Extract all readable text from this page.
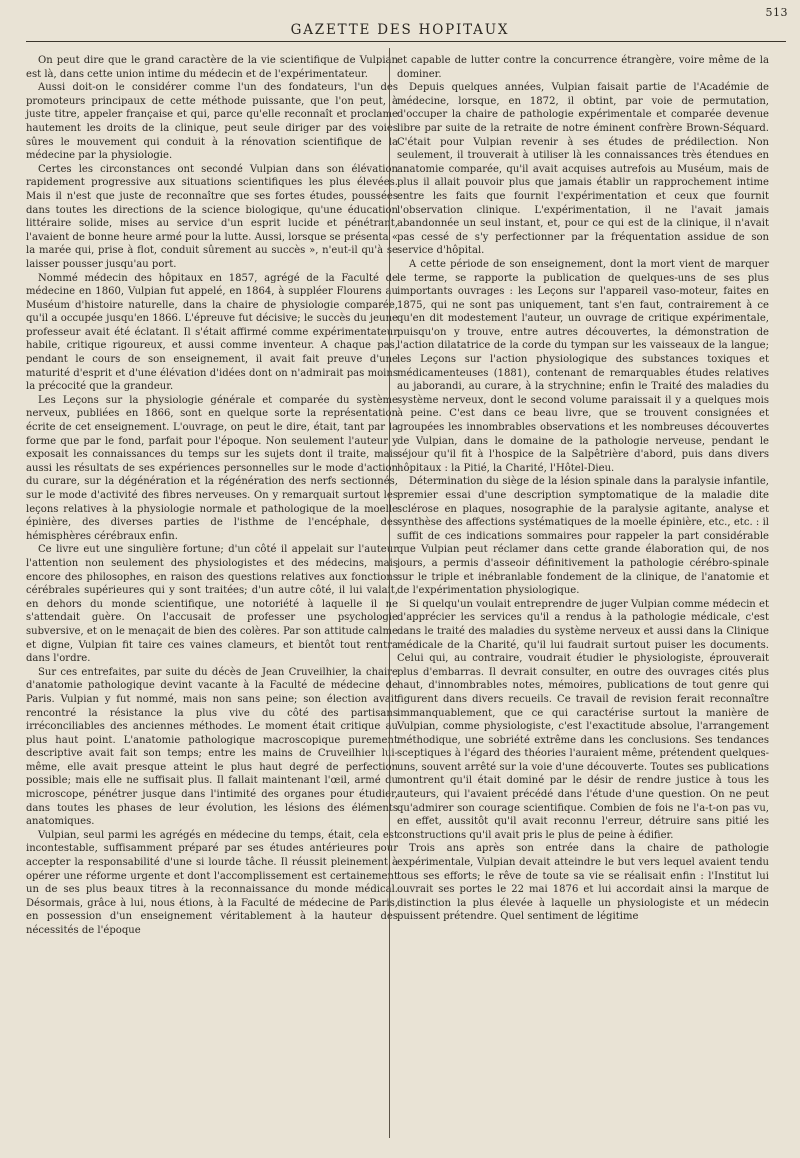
513
GAZETTE DES HOPITAUX

On peut dire que le grand caractère de la vie scientifique de Vulpian est là, dans cette union intime du médecin et de l'expérimentateur.

Aussi doit-on le considérer comme l'un des fondateurs, l'un des promoteurs principaux de cette méthode puissante, que l'on peut, à juste titre, appeler française et qui, parce qu'elle reconnaît et proclame hautement les droits de la clinique, peut seule diriger par des voies sûres le mouvement qui conduit à la rénovation scientifique de la médecine par la physiologie.

Certes les circonstances ont secondé Vulpian dans son élévation rapidement progressive aux situations scientifiques les plus élevées. Mais il n'est que juste de reconnaître que ses fortes études, poussées dans toutes les directions de la science biologique, qu'une éducation littéraire solide, mises au service d'un esprit lucide et pénétrant, l'avaient de bonne heure armé pour la lutte. Aussi, lorsque se présenta « la marée qui, prise à flot, conduit sûrement au succès », n'eut-il qu'à se laisser pousser jusqu'au port.

Nommé médecin des hôpitaux en 1857, agrégé de la Faculté de médecine en 1860, Vulpian fut appelé, en 1864, à suppléer Flourens au Muséum d'histoire naturelle, dans la chaire de physiologie comparée, qu'il a occupée jusqu'en 1866. L'épreuve fut décisive; le succès du jeune professeur avait été éclatant. Il s'était affirmé comme expérimentateur habile, critique rigoureux, et aussi comme inventeur. A chaque pas, pendant le cours de son enseignement, il avait fait preuve d'une maturité d'esprit et d'une élévation d'idées dont on n'admirait pas moins la précocité que la grandeur.

Les Leçons sur la physiologie générale et comparée du système nerveux, publiées en 1866, sont en quelque sorte la représentation écrite de cet enseignement. L'ouvrage, on peut le dire, était, tant par la forme que par le fond, parfait pour l'époque. Non seulement l'auteur y exposait les connaissances du temps sur les sujets dont il traite, mais aussi les résultats de ses expériences personnelles sur le mode d'action du curare, sur la dégénération et la régénération des nerfs sectionnés, sur le mode d'activité des fibres nerveuses. On y remarquait surtout les leçons relatives à la physiologie normale et pathologique de la moelle épinière, des diverses parties de l'isthme de l'encéphale, des hémisphères cérébraux enfin.

Ce livre eut une singulière fortune; d'un côté il appelait sur l'auteur l'attention non seulement des physiologistes et des médecins, mais encore des philosophes, en raison des questions relatives aux fonctions cérébrales supérieures qui y sont traitées; d'un autre côté, il lui valait, en dehors du monde scientifique, une notoriété à laquelle il ne s'attendait guère. On l'accusait de professer une psychologie subversive, et on le menaçait de bien des colères. Par son attitude calme et digne, Vulpian fit taire ces vaines clameurs, et bientôt tout rentra dans l'ordre.

Sur ces entrefaites, par suite du décès de Jean Cruveilhier, la chaire d'anatomie pathologique devint vacante à la Faculté de médecine de Paris. Vulpian y fut nommé, mais non sans peine; son élection avait rencontré la résistance la plus vive du côté des partisans irréconciliables des anciennes méthodes. Le moment était critique au plus haut point. L'anatomie pathologique macroscopique purement descriptive avait fait son temps; entre les mains de Cruveilhier lui-même, elle avait presque atteint le plus haut degré de perfection possible; mais elle ne suffisait plus. Il fallait maintenant l'œil, armé du microscope, pénétrer jusque dans l'intimité des organes pour étudier, dans toutes les phases de leur évolution, les lésions des éléments anatomiques.

Vulpian, seul parmi les agrégés en médecine du temps, était, cela est incontestable, suffisamment préparé par ses études antérieures pour accepter la responsabilité d'une si lourde tâche. Il réussit pleinement à opérer une réforme urgente et dont l'accomplissement est certainement un de ses plus beaux titres à la reconnaissance du monde médical. Désormais, grâce à lui, nous étions, à la Faculté de médecine de Paris, en possession d'un enseignement véritablement à la hauteur des nécessités de l'époque

et capable de lutter contre la concurrence étrangère, voire même de la dominer.

Depuis quelques années, Vulpian faisait partie de l'Académie de médecine, lorsque, en 1872, il obtint, par voie de permutation, d'occuper la chaire de pathologie expérimentale et comparée devenue libre par suite de la retraite de notre éminent confrère Brown-Séquard. C'était pour Vulpian revenir à ses études de prédilection. Non seulement, il trouverait à utiliser là les connaissances très étendues en anatomie comparée, qu'il avait acquises autrefois au Muséum, mais de plus il allait pouvoir plus que jamais établir un rapprochement intime entre les faits que fournit l'expérimentation et ceux que fournit l'observation clinique. L'expérimentation, il ne l'avait jamais abandonnée un seul instant, et, pour ce qui est de la clinique, il n'avait pas cessé de s'y perfectionner par la fréquentation assidue de son service d'hôpital.

A cette période de son enseignement, dont la mort vient de marquer le terme, se rapporte la publication de quelques-uns de ses plus importants ouvrages : les Leçons sur l'appareil vaso-moteur, faites en 1875, qui ne sont pas uniquement, tant s'en faut, contrairement à ce qu'en dit modestement l'auteur, un ouvrage de critique expérimentale, puisqu'on y trouve, entre autres découvertes, la démonstration de l'action dilatatrice de la corde du tympan sur les vaisseaux de la langue; les Leçons sur l'action physiologique des substances toxiques et médicamenteuses (1881), contenant de remarquables études relatives au jaborandi, au curare, à la strychnine; enfin le Traité des maladies du système nerveux, dont le second volume paraissait il y a quelques mois à peine. C'est dans ce beau livre, que se trouvent consignées et groupées les innombrables observations et les nombreuses découvertes de Vulpian, dans le domaine de la pathologie nerveuse, pendant le séjour qu'il fit à l'hospice de la Salpêtrière d'abord, puis dans divers hôpitaux : la Pitié, la Charité, l'Hôtel-Dieu.

Détermination du siège de la lésion spinale dans la paralysie infantile, premier essai d'une description symptomatique de la maladie dite sclérose en plaques, nosographie de la paralysie agitante, analyse et synthèse des affections systématiques de la moelle épinière, etc., etc. : il suffit de ces indications sommaires pour rappeler la part considérable que Vulpian peut réclamer dans cette grande élaboration qui, de nos jours, a permis d'asseoir définitivement la pathologie cérébro-spinale sur le triple et inébranlable fondement de la clinique, de l'anatomie et de l'expérimentation physiologique.

Si quelqu'un voulait entreprendre de juger Vulpian comme médecin et d'apprécier les services qu'il a rendus à la pathologie médicale, c'est dans le traité des maladies du système nerveux et aussi dans la Clinique médicale de la Charité, qu'il lui faudrait surtout puiser les documents. Celui qui, au contraire, voudrait étudier le physiologiste, éprouverait plus d'embarras. Il devrait consulter, en outre des ouvrages cités plus haut, d'innombrables notes, mémoires, publications de tout genre qui figurent dans divers recueils. Ce travail de revision ferait reconnaître immanquablement, que ce qui caractérise surtout la manière de Vulpian, comme physiologiste, c'est l'exactitude absolue, l'arrangement méthodique, une sobriété extrême dans les conclusions. Ses tendances sceptiques à l'égard des théories l'auraient même, prétendent quelques-uns, souvent arrêté sur la voie d'une découverte. Toutes ses publications montrent qu'il était dominé par le désir de rendre justice à tous les auteurs, qui l'avaient précédé dans l'étude d'une question. On ne peut qu'admirer son courage scientifique. Combien de fois ne l'a-t-on pas vu, en effet, aussitôt qu'il avait reconnu l'erreur, détruire sans pitié les constructions qu'il avait pris le plus de peine à édifier.

Trois ans après son entrée dans la chaire de pathologie expérimentale, Vulpian devait atteindre le but vers lequel avaient tendu tous ses efforts; le rêve de toute sa vie se réalisait enfin : l'Institut lui ouvrait ses portes le 22 mai 1876 et lui accordait ainsi la marque de distinction la plus élevée à laquelle un physiologiste et un médecin puissent prétendre. Quel sentiment de légitime
